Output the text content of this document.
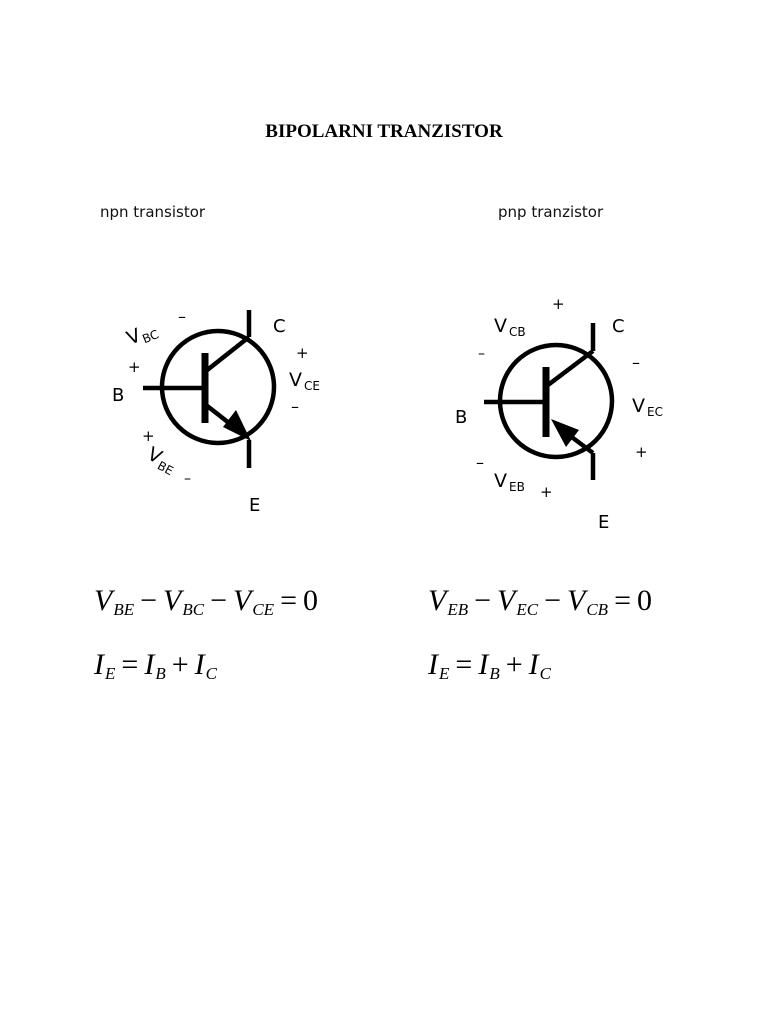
BIPOLARNI TRANZISTOR
npn transistor	pnp tranzistor
C
B
E
V
BC
–
+
+
V CE
–
+
V
BE
–
C
B
E
+
V CB
–	–
V EC
+
–
V EB +
$V_{BE} - V_{BC} - V_{CE} = 0$
$I_E = I_B + I_C$
$V_{EB} - V_{EC} - V_{CB} = 0$
$I_E = I_B + I_C$
